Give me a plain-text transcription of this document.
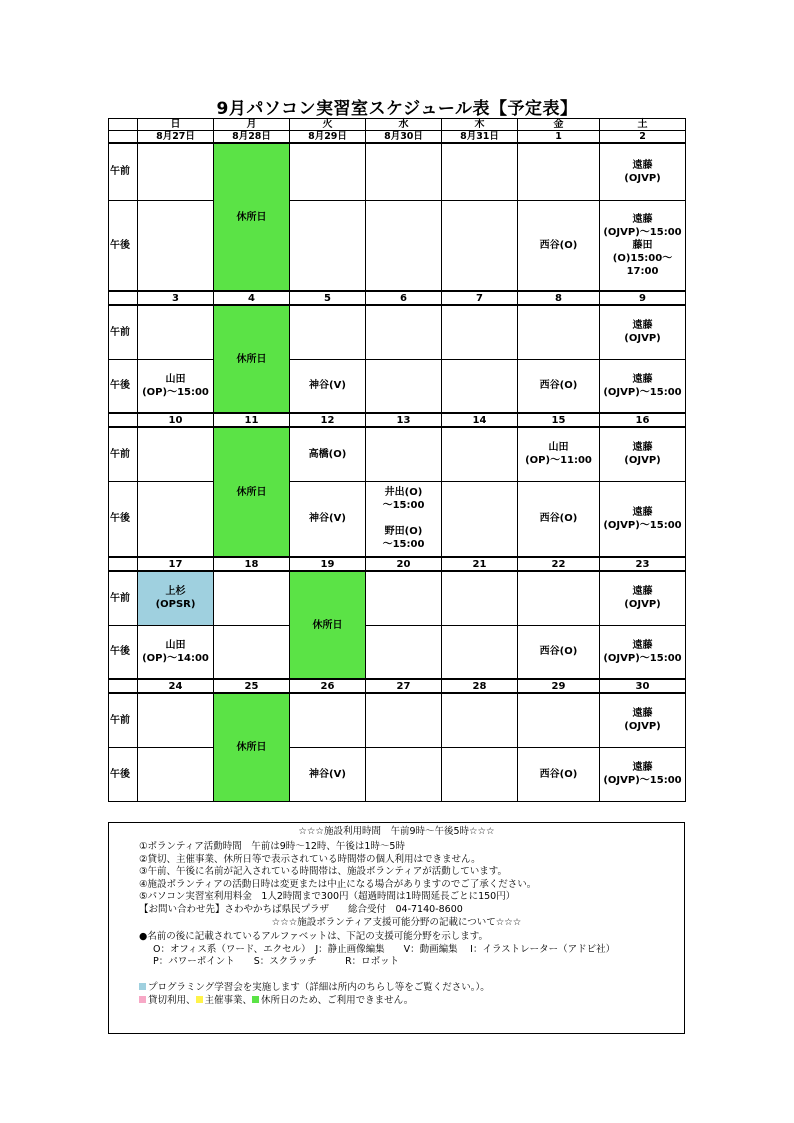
9月パソコン実習室スケジュール表【予定表】
	日	月	火	水	木	金	土
	8月27日	8月28日	8月29日	8月30日	8月31日	1	2
午前		休所日					遠藤
(OJVP)
午後						西谷(O)	遠藤
(OJVP)～15:00
藤田
(O)15:00～17:00
	3	4	5	6	7	8	9
午前		休所日					遠藤
(OJVP)
午後	山田
(OP)～15:00		神谷(V)			西谷(O)	遠藤
(OJVP)～15:00
	10	11	12	13	14	15	16
午前		休所日	高橋(O)			山田
(OP)～11:00	遠藤
(OJVP)
午後			神谷(V)	井出(O)
～15:00

野田(O)
～15:00		西谷(O)	遠藤
(OJVP)～15:00
	17	18	19	20	21	22	23
午前	上杉
(OPSR)		休所日				遠藤
(OJVP)
午後	山田
(OP)～14:00					西谷(O)	遠藤
(OJVP)～15:00
	24	25	26	27	28	29	30
午前		休所日					遠藤
(OJVP)
午後			神谷(V)			西谷(O)	遠藤
(OJVP)～15:00
☆☆☆施設利用時間　午前9時～午後5時☆☆☆
①ボランティア活動時間　午前は9時～12時、午後は1時～5時
②貸切、主催事業、休所日等で表示されている時間帯の個人利用はできません。
③午前、午後に名前が記入されている時間帯は、施設ボランティアが活動しています。
④施設ボランティアの活動日時は変更または中止になる場合がありますのでご了承ください。
⑤パソコン実習室利用料金　1人2時間まで300円（超過時間は1時間延長ごとに150円）
【お問い合わせ先】さわやかちば県民プラザ　　総合受付　04-7140-8600
☆☆☆施設ボランティア支援可能分野の記載について☆☆☆
●名前の後に記載されているアルファベットは、下記の支援可能分野を示します。
O：オフィス系（ワード、エクセル）　J：静止画像編集　　V：動画編集　 I：イラストレーター（アドビ社）
P：パワーポイント　　S：スクラッチ　　　R：ロボット
プログラミング学習会を実施します（詳細は所内のちらし等をご覧ください。）。
貸切利用、 主催事業、 休所日のため、ご利用できません。
